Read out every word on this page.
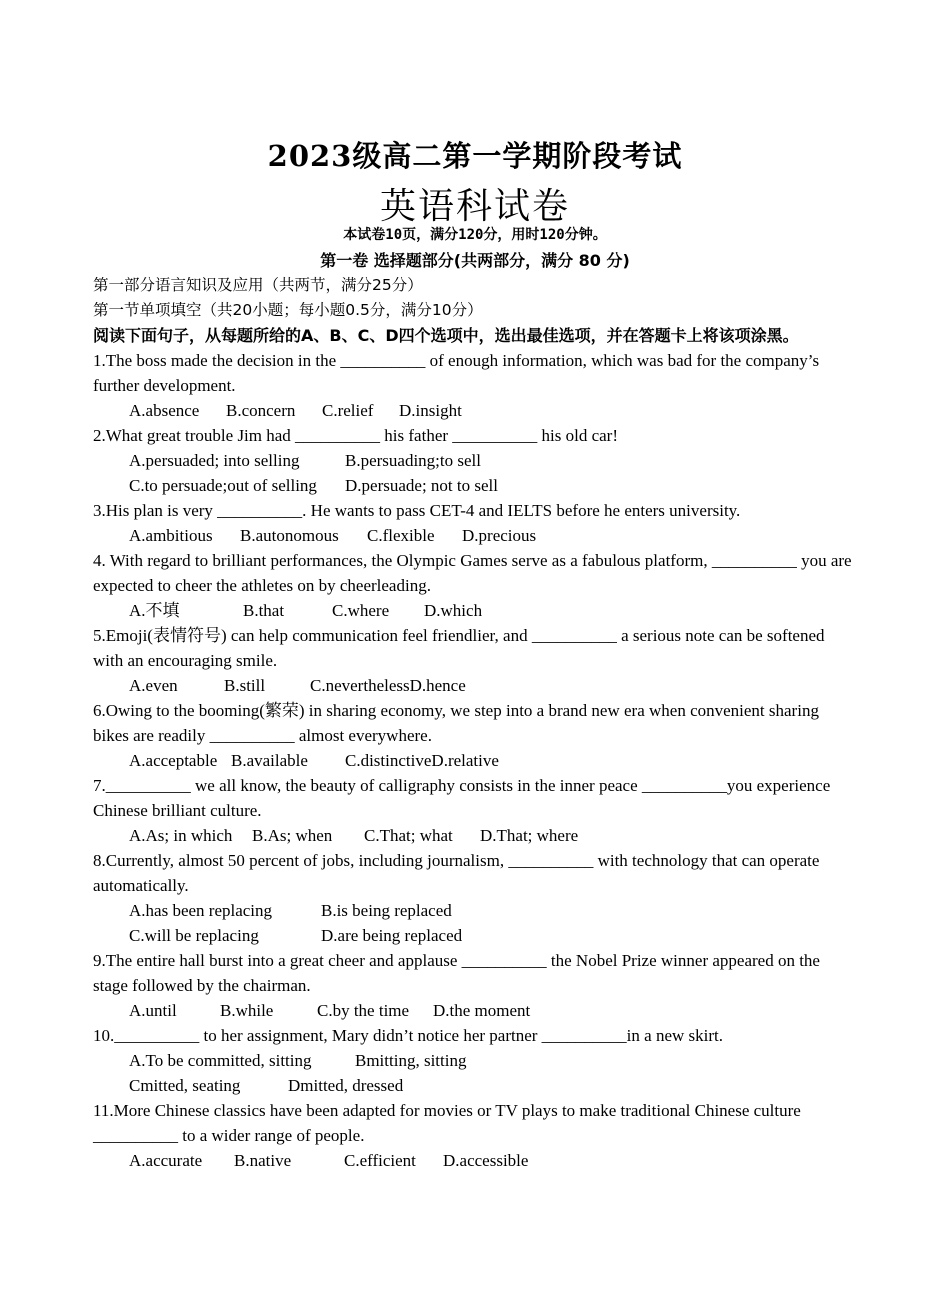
2023级高二第一学期阶段考试
英语科试卷
本试卷10页，满分120分，用时120分钟。
第一卷 选择题部分(共两部分，满分 80 分)
第一部分语言知识及应用（共两节，满分25分）
第一节单项填空（共20小题；每小题0.5分，满分10分）
阅读下面句子，从每题所给的A、B、C、D四个选项中，选出最佳选项，并在答题卡上将该项涂黑。
1.The boss made the decision in the __________ of enough information, which was bad for the company’s further development.
A.absence B.concern C.relief D.insight
2.What great trouble Jim had __________ his father __________ his old car!
A.persuaded; into selling	B.persuading;to sell
C.to persuade;out of selling D.persuade; not to sell
3.His plan is very __________. He wants to pass CET-4 and IELTS before he enters university.
A.ambitious B.autonomous C.flexible D.precious
4. With regard to brilliant performances, the Olympic Games serve as a fabulous platform, __________ you are expected to cheer the athletes on by cheerleading.
A.不填	B.that	C.where D.which
5.Emoji(表情符号) can help communication feel friendlier, and __________ a serious note can be softened with an encouraging smile.
A.even	B.still	C.neverthelessD.hence
6.Owing to the booming(繁荣) in sharing economy, we step into a brand new era when convenient sharing bikes are readily __________ almost everywhere.
A.acceptable B.available C.distinctiveD.relative
7.__________ we all know, the beauty of calligraphy consists in the inner peace __________you experience Chinese brilliant culture.
A.As; in which B.As; when C.That; what D.That; where
8.Currently, almost 50 percent of jobs, including journalism, __________ with technology that can operate automatically.
A.has been replacing	B.is being replaced
C.will be replacing	D.are being replaced
9.The entire hall burst into a great cheer and applause __________ the Nobel Prize winner appeared on the stage followed by the chairman.
A.until	B.while	C.by the time D.the moment
10.__________ to her assignment, Mary didn’t notice her partner __________in a new skirt.
A.To be committed, sitting	Bmitting, sitting
Cmitted, seating	Dmitted, dressed
11.More Chinese classics have been adapted for movies or TV plays to make traditional Chinese culture __________ to a wider range of people.
A.accurate B.native	C.efficient D.accessible
